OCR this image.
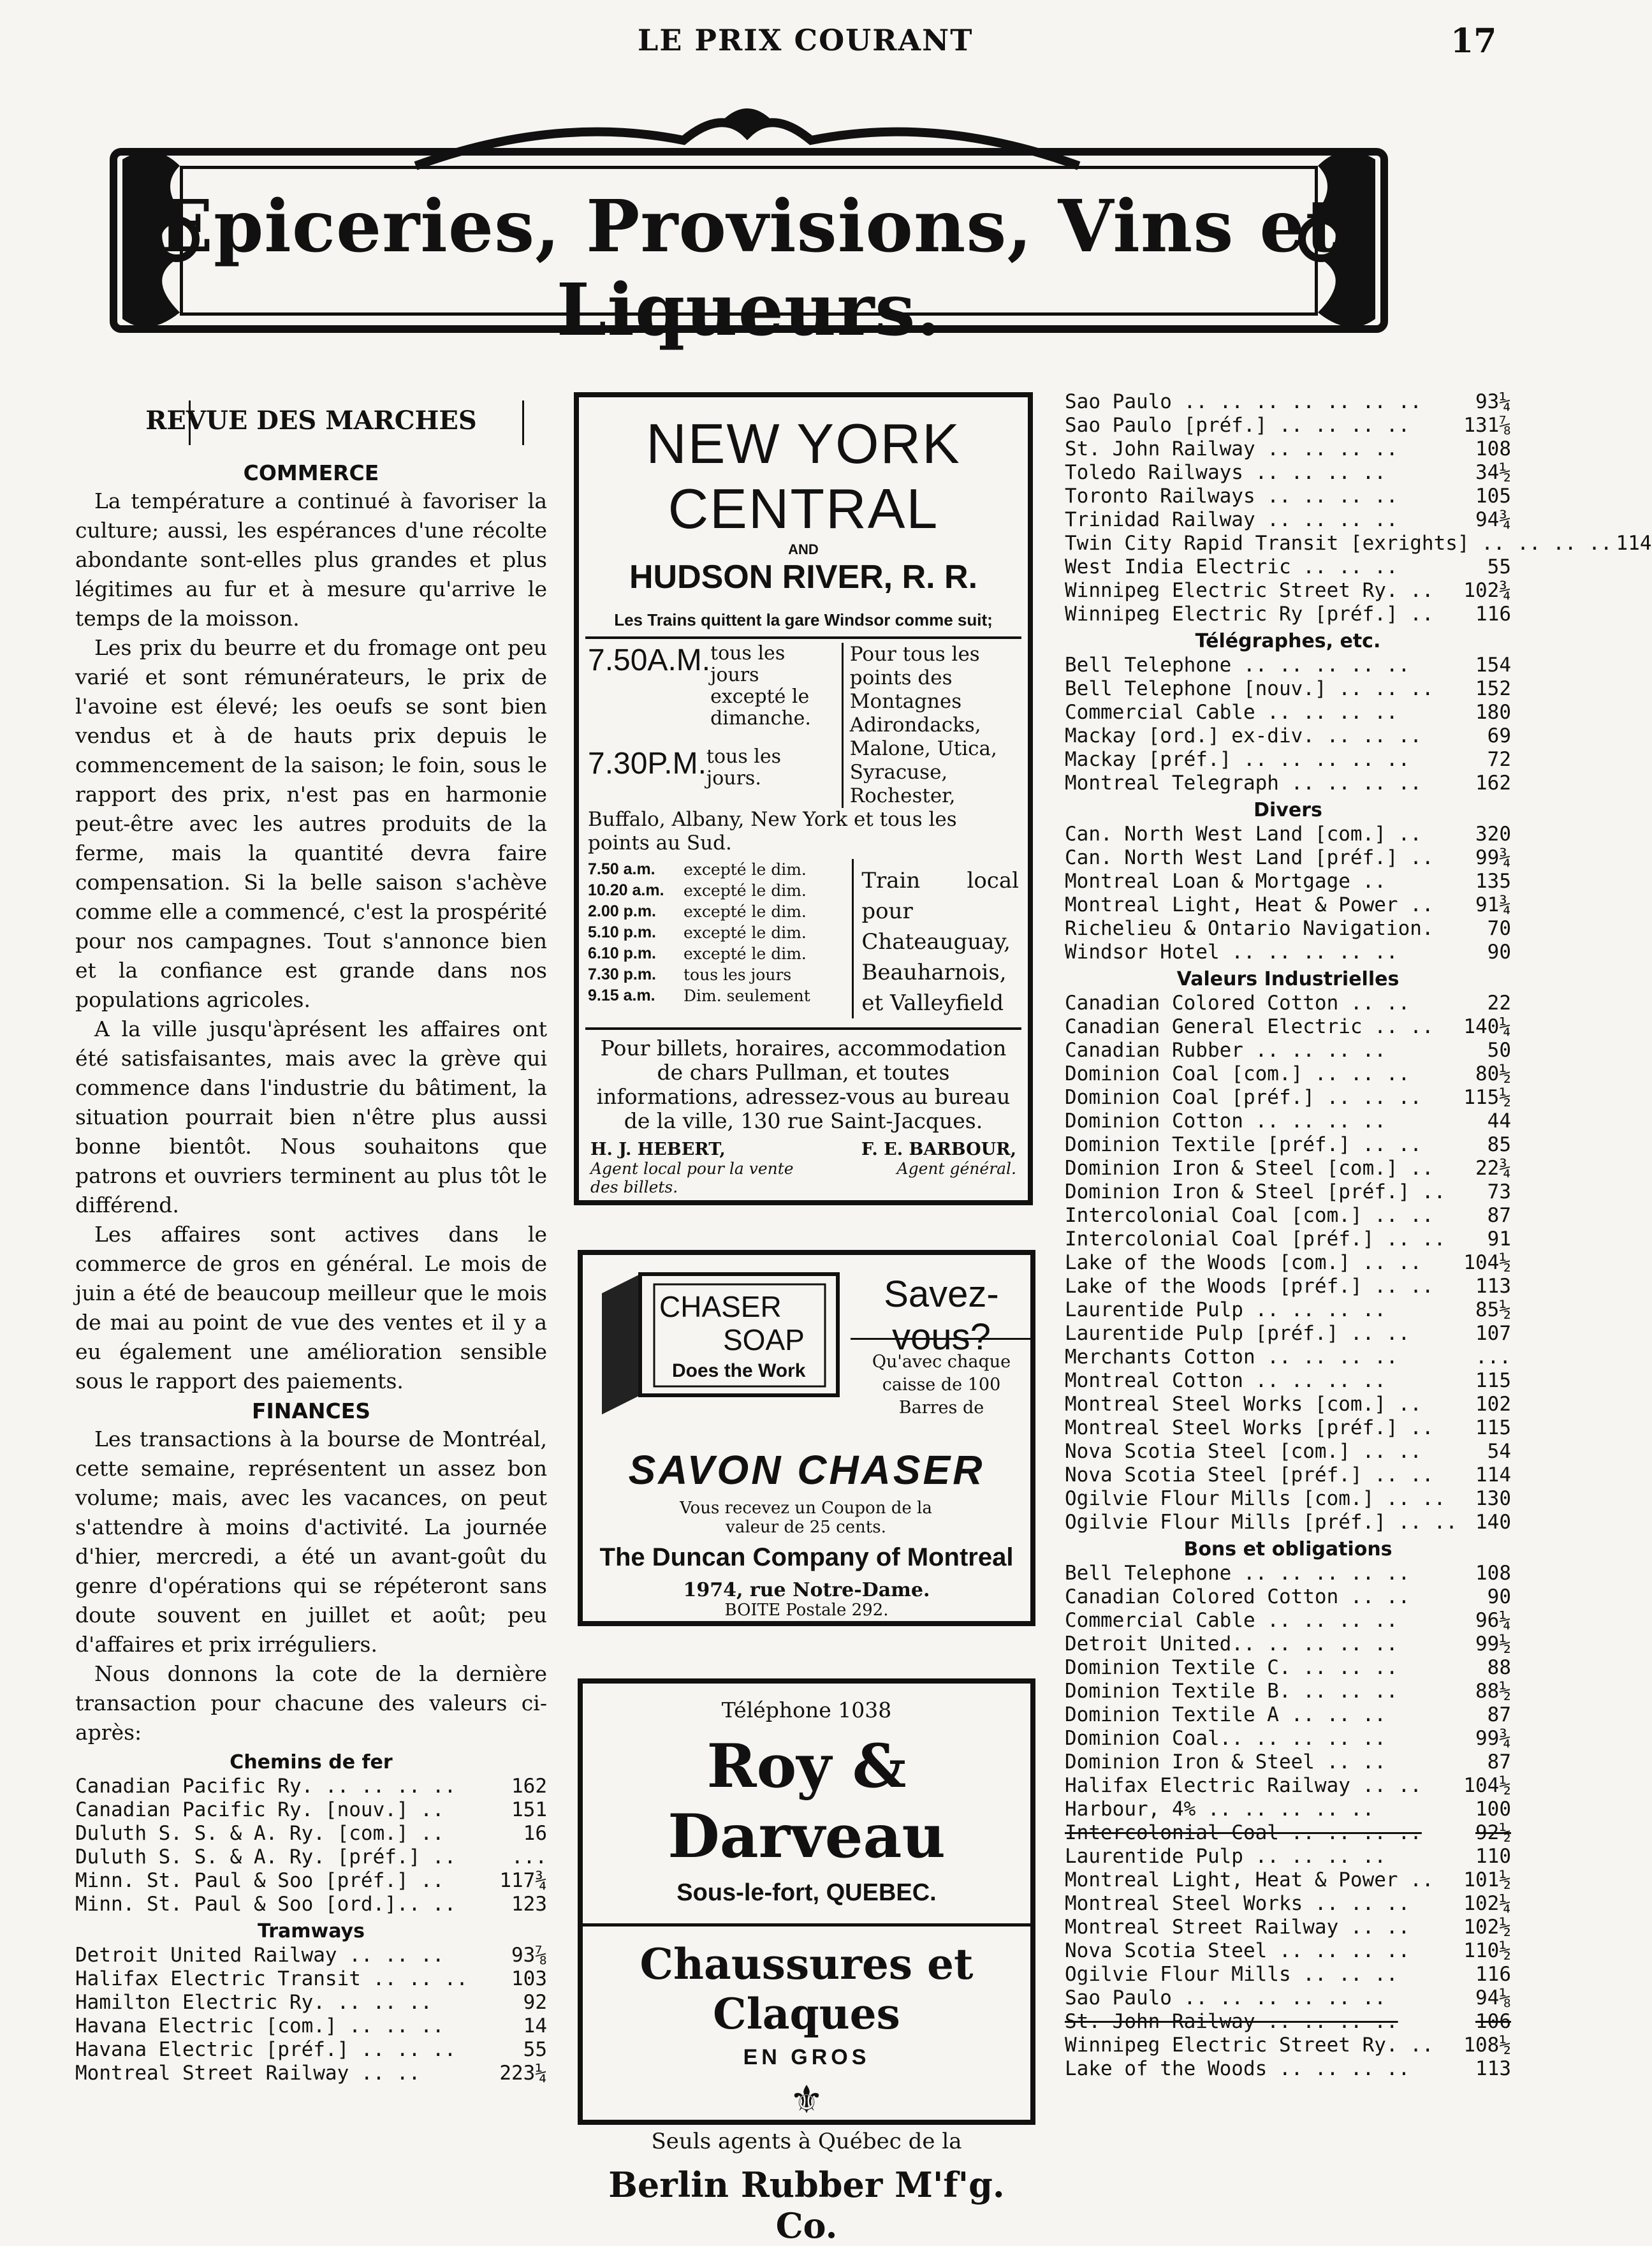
LE PRIX COURANT	17
Epiceries, Provisions, Vins et Liqueurs.
REVUE DES MARCHES
COMMERCE

La température a continué à favoriser la culture; aussi, les espérances d'une récolte abondante sont-elles plus grandes et plus légitimes au fur et à mesure qu'arrive le temps de la moisson.

Les prix du beurre et du fromage ont peu varié et sont rémunérateurs, le prix de l'avoine est élevé; les oeufs se sont bien vendus et à de hauts prix depuis le commencement de la saison; le foin, sous le rapport des prix, n'est pas en harmonie peut-être avec les autres produits de la ferme, mais la quantité devra faire compensation. Si la belle saison s'achève comme elle a commencé, c'est la prospérité pour nos campagnes. Tout s'annonce bien et la confiance est grande dans nos populations agricoles.

A la ville jusqu'àprésent les affaires ont été satisfaisantes, mais avec la grève qui commence dans l'industrie du bâtiment, la situation pourrait bien n'être plus aussi bonne bientôt. Nous souhaitons que patrons et ouvriers terminent au plus tôt le différend.

Les affaires sont actives dans le commerce de gros en général. Le mois de juin a été de beaucoup meilleur que le mois de mai au point de vue des ventes et il y a eu également une amélioration sensible sous le rapport des paiements.

FINANCES

Les transactions à la bourse de Montréal, cette semaine, représentent un assez bon volume; mais, avec les vacances, on peut s'attendre à moins d'activité. La journée d'hier, mercredi, a été un avant-goût du genre d'opérations qui se répéteront sans doute souvent en juillet et août; peu d'affaires et prix irréguliers.

Nous donnons la cote de la dernière transaction pour chacune des valeurs ci-après:

Chemins de fer
Canadian Pacific Ry. .. .. .. ..	162
Canadian Pacific Ry. [nouv.] ..	151
Duluth S. S. & A. Ry. [com.] ..	16
Duluth S. S. & A. Ry. [préf.] ..	...
Minn. St. Paul & Soo [préf.] ..	117¾
Minn. St. Paul & Soo [ord.].. ..	123
Tramways
Detroit United Railway .. .. ..	93⅞
Halifax Electric Transit .. .. .. 103
Hamilton Electric Ry. .. .. ..	92
Havana Electric [com.] .. .. ..	14
Havana Electric [préf.] .. .. ..	55
Montreal Street Railway .. ..	223¼
NEW YORK CENTRAL
AND
HUDSON RIVER, R. R.
Les Trains quittent la gare Windsor comme suit;
7.50A.M. tous les jours excepté le dimanche.
7.30P.M. tous les jours.
Pour tous les points des Montagnes Adirondacks, Malone, Utica, Syracuse, Rochester,
Buffalo, Albany, New York et tous les points au Sud.
7.50 a.m.	excepté le dim.
10.20 a.m.	excepté le dim.
2.00 p.m.	excepté le dim.
5.10 p.m.	excepté le dim.
6.10 p.m.	excepté le dim.
7.30 p.m.	tous les jours
9.15 a.m.	Dim. seulement
Train local pour Chateauguay, Beauharnois, et Valleyfield
Pour billets, horaires, accommodation de chars Pullman, et toutes informations, adressez-vous au bureau de la ville, 130 rue Saint-Jacques.
H. J. HEBERT,
Agent local pour la vente des billets.
F. E. BARBOUR,
Agent général.
CHASER
SOAP
Does the Work
Savez-vous?
Qu'avec chaque caisse de 100 Barres de
SAVON CHASER
Vous recevez un Coupon de la valeur de 25 cents.
The Duncan Company of Montreal
1974, rue Notre-Dame.
BOITE Postale 292.
Téléphone 1038
Roy & Darveau
Sous-le-fort, QUEBEC.
Chaussures et Claques
EN GROS
⚜
Seuls agents à Québec de la
Berlin Rubber M'f'g. Co.
Sao Paulo .. .. .. .. .. .. ..	93¼
Sao Paulo [préf.] .. .. .. ..	131⅞
St. John Railway .. .. .. ..	108
Toledo Railways .. .. .. ..	34½
Toronto Railways .. .. .. ..	105
Trinidad Railway .. .. .. ..	94¾
Twin City Rapid Transit [exrights] .. .. .. .. 114
West India Electric .. .. ..	55
Winnipeg Electric Street Ry. .. 102¾
Winnipeg Electric Ry [préf.] .. 116
Télégraphes, etc.
Bell Telephone .. .. .. .. ..	154
Bell Telephone [nouv.] .. .. .. 152
Commercial Cable .. .. .. ..	180
Mackay [ord.] ex-div. .. .. ..	69
Mackay [préf.] .. .. .. .. ..	72
Montreal Telegraph .. .. .. ..	162
Divers
Can. North West Land [com.] ..	320
Can. North West Land [préf.] .. 99¾
Montreal Loan & Mortgage ..	135
Montreal Light, Heat & Power .. 91¾
Richelieu & Ontario Navigation.	70
Windsor Hotel .. .. .. .. ..	90
Valeurs Industrielles
Canadian Colored Cotton .. ..	22
Canadian General Electric .. .. 140¼
Canadian Rubber .. .. .. ..	50
Dominion Coal [com.] .. .. ..	80½
Dominion Coal [préf.] .. .. .. 115½
Dominion Cotton .. .. .. ..	44
Dominion Textile [préf.] .. ..	85
Dominion Iron & Steel [com.] .. 22¾
Dominion Iron & Steel [préf.] .. 73
Intercolonial Coal [com.] .. ..	87
Intercolonial Coal [préf.] .. .. 91
Lake of the Woods [com.] .. .. 104½
Lake of the Woods [préf.] .. .. 113
Laurentide Pulp .. .. .. ..	85½
Laurentide Pulp [préf.] .. ..	107
Merchants Cotton .. .. .. ..	...
Montreal Cotton .. .. .. ..	115
Montreal Steel Works [com.] ..	102
Montreal Steel Works [préf.] .. 115
Nova Scotia Steel [com.] .. ..	54
Nova Scotia Steel [préf.] .. .. 114
Ogilvie Flour Mills [com.] .. .. 130
Ogilvie Flour Mills [préf.] .. .. 140
Bons et obligations
Bell Telephone .. .. .. .. ..	108
Canadian Colored Cotton .. ..	90
Commercial Cable .. .. .. ..	96¼
Detroit United.. .. .. .. ..	99½
Dominion Textile C. .. .. ..	88
Dominion Textile B. .. .. ..	88½
Dominion Textile A .. .. ..	87
Dominion Coal.. .. .. .. ..	99¾
Dominion Iron & Steel .. ..	87
Halifax Electric Railway .. .. 104½
Harbour, 4% .. .. .. .. ..	100
Intercolonial Coal .. .. .. ..	92½
Laurentide Pulp .. .. .. ..	110
Montreal Light, Heat & Power .. 101½
Montreal Steel Works .. .. ..	102¼
Montreal Street Railway .. ..	102½
Nova Scotia Steel .. .. .. ..	110½
Ogilvie Flour Mills .. .. ..	116
Sao Paulo .. .. .. .. .. ..	94⅛
St. John Railway .. .. .. ..	106
Winnipeg Electric Street Ry. .. 108½
Lake of the Woods .. .. .. ..	113
